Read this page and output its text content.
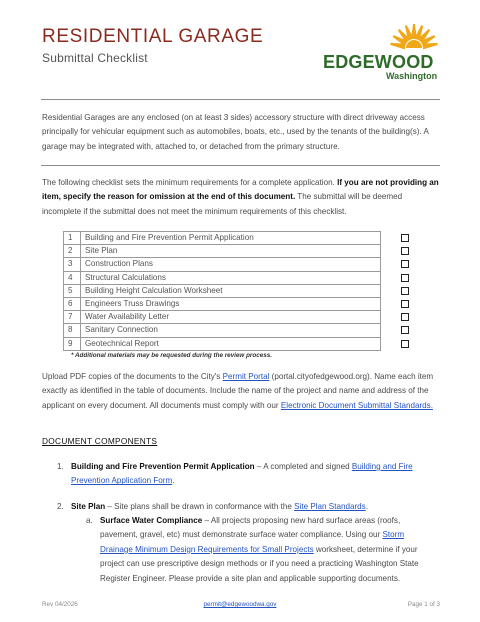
RESIDENTIAL GARAGE
Submittal Checklist	EDGEWOOD
Washington
Residential Garages are any enclosed (on at least 3 sides) accessory structure with direct driveway access principally for vehicular equipment such as automobiles, boats, etc., used by the tenants of the building(s). A garage may be integrated with, attached to, or detached from the primary structure.
The following checklist sets the minimum requirements for a complete application. If you are not providing an item, specify the reason for omission at the end of this document. The submittal will be deemed incomplete if the submittal does not meet the minimum requirements of this checklist.
1	Building and Fire Prevention Permit Application
2	Site Plan
3	Construction Plans
4	Structural Calculations
5	Building Height Calculation Worksheet
6	Engineers Truss Drawings
7	Water Availability Letter
8	Sanitary Connection
9	Geotechnical Report
* Additional materials may be requested during the review process.
Upload PDF copies of the documents to the City's Permit Portal (portal.cityofedgewood.org). Name each item exactly as identified in the table of documents. Include the name of the project and name and address of the applicant on every document. All documents must comply with our Electronic Document Submittal Standards.
DOCUMENT COMPONENTS
1. Building and Fire Prevention Permit Application – A completed and signed Building and Fire Prevention Application Form.
2. Site Plan – Site plans shall be drawn in conformance with the Site Plan Standards.
a. Surface Water Compliance – All projects proposing new hard surface areas (roofs, pavement, gravel, etc) must demonstrate surface water compliance. Using our Storm Drainage Minimum Design Requirements for Small Projects worksheet, determine if your project can use prescriptive design methods or if you need a practicing Washington State Register Engineer. Please provide a site plan and applicable supporting documents.
Rev 04/2026	permit@edgewoodwa.gov	Page 1 of 3
